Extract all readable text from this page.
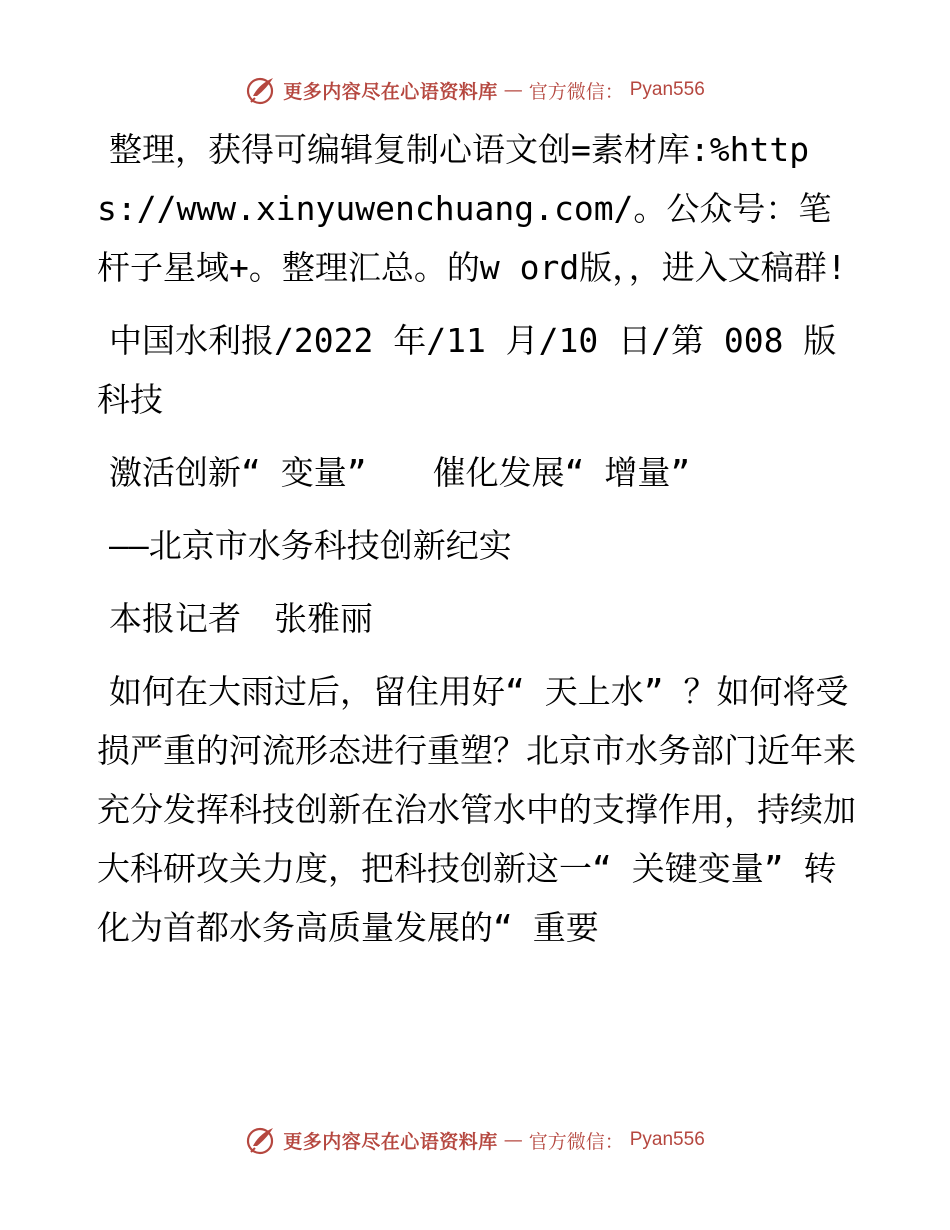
更多内容尽在心语资料库 — 官方微信： Pyan556

整理，获得可编辑复制心语文创=素材库:%https://www.xinyuwenchuang.com/。公众号：笔杆子星域+。整理汇总。的w ord版，，进入文稿群!

中国水利报/2022 年/11 月/10 日/第 008 版科技

激活创新“ 变量”　　催化发展“ 增量”

——北京市水务科技创新纪实

本报记者　张雅丽

如何在大雨过后，留住用好“ 天上水” ？如何将受损严重的河流形态进行重塑？北京市水务部门近年来充分发挥科技创新在治水管水中的支撑作用，持续加大科研攻关力度，把科技创新这一“ 关键变量” 转化为首都水务高质量发展的“ 重要

更多内容尽在心语资料库 — 官方微信： Pyan556
